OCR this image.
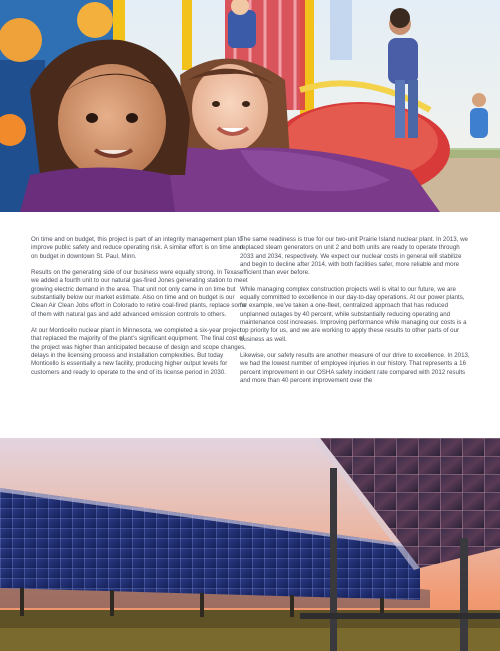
On time and on budget, this project is part of an integrity management plan to improve public safety and reduce operating risk. A similar effort is on time and on budget in downtown St. Paul, Minn.

Results on the generating side of our business were equally strong. In Texas, we added a fourth unit to our natural gas-fired Jones generating station to meet growing electric demand in the area. That unit not only came in on time but substantially below our market estimate. Also on time and on budget is our Clean Air Clean Jobs effort in Colorado to retire coal-fired plants, replace some of them with natural gas and add advanced emission controls to others.

At our Monticello nuclear plant in Minnesota, we completed a six-year project that replaced the majority of the plant’s significant equipment. The final cost of the project was higher than anticipated because of design and scope changes, delays in the licensing process and installation complexities. But today Monticello is essentially a new facility, producing higher output levels for customers and ready to operate to the end of its license period in 2030.

The same readiness is true for our two-unit Prairie Island nuclear plant. In 2013, we replaced steam generators on unit 2 and both units are ready to operate through 2033 and 2034, respectively. We expect our nuclear costs in general will stabilize and begin to decline after 2014, with both facilities safer, more reliable and more efficient than ever before.

While managing complex construction projects well is vital to our future, we are equally committed to excellence in our day-to-day operations. At our power plants, for example, we’ve taken a one-fleet, centralized approach that has reduced unplanned outages by 40 percent, while substantially reducing operating and maintenance cost increases. Improving performance while managing our costs is a top priority for us, and we are working to apply these results to other parts of our business as well.

Likewise, our safety results are another measure of our drive to excellence. In 2013, we had the lowest number of employee injuries in our history. That represents a 16 percent improvement in our OSHA safety incident rate compared with 2012 results and more than 40 percent improvement over the
